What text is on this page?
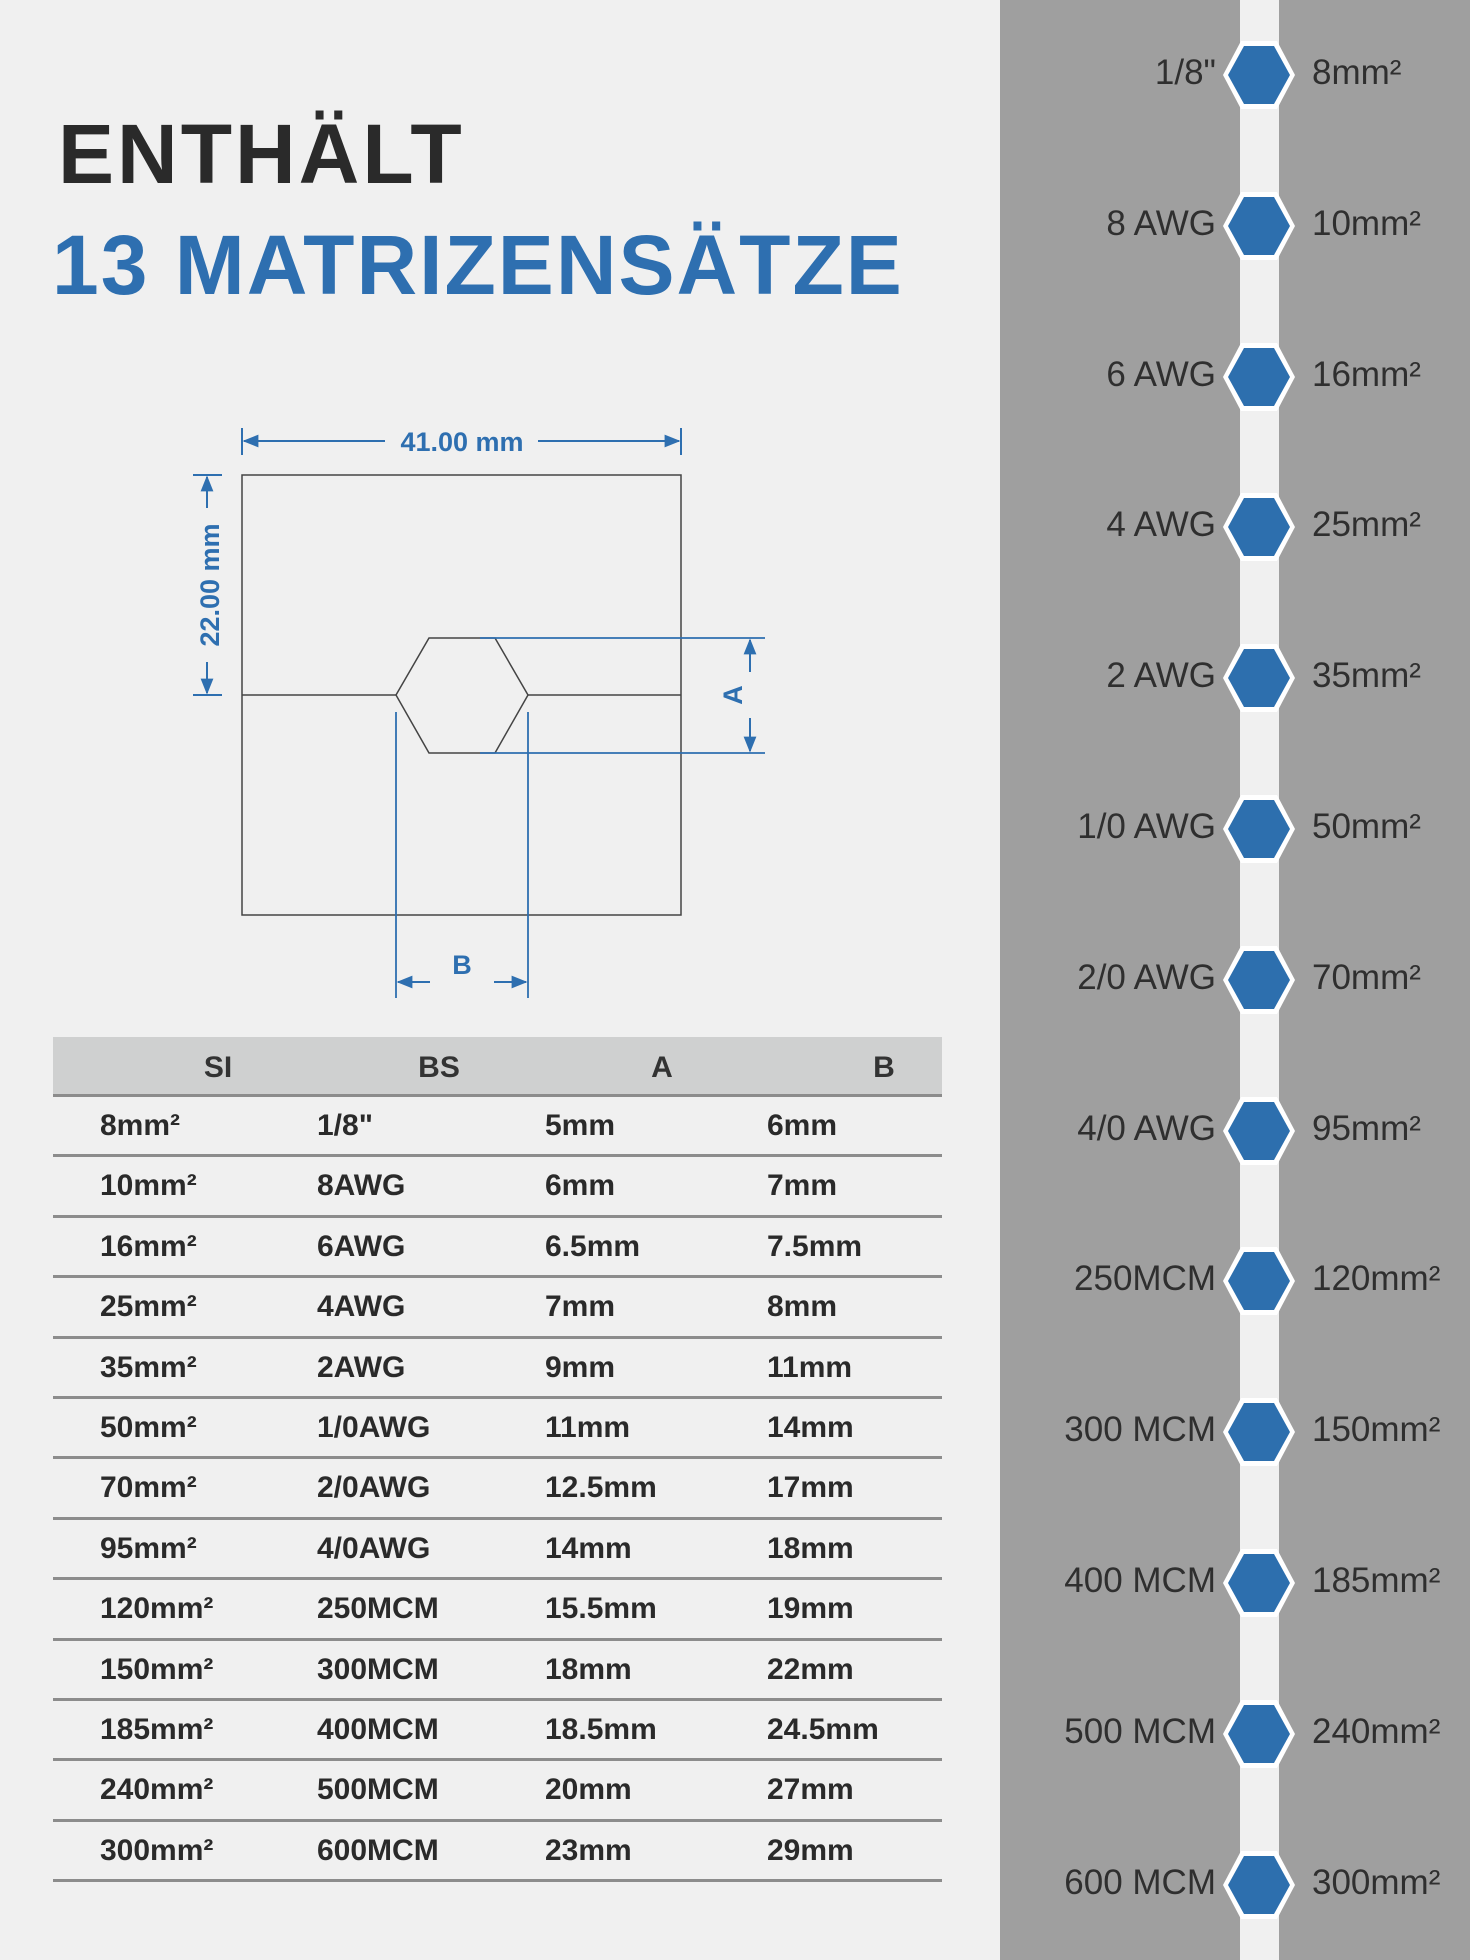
ENTHÄLT
13 MATRIZENSÄTZE
41.00 mm
22.00 mm
A
B
SI	BS	A	B
8mm²	1/8"	5mm	6mm
10mm²	8AWG	6mm	7mm
16mm²	6AWG	6.5mm	7.5mm
25mm²	4AWG	7mm	8mm
35mm²	2AWG	9mm	11mm
50mm²	1/0AWG	11mm	14mm
70mm²	2/0AWG	12.5mm	17mm
95mm²	4/0AWG	14mm	18mm
120mm²	250MCM	15.5mm	19mm
150mm²	300MCM	18mm	22mm
185mm²	400MCM	18.5mm	24.5mm
240mm²	500MCM	20mm	27mm
300mm²	600MCM	23mm	29mm
1/8"	8mm²
8 AWG	10mm²
6 AWG	16mm²
4 AWG	25mm²
2 AWG	35mm²
1/0 AWG	50mm²
2/0 AWG	70mm²
4/0 AWG	95mm²
250MCM	120mm²
300 MCM	150mm²
400 MCM	185mm²
500 MCM	240mm²
600 MCM	300mm²
